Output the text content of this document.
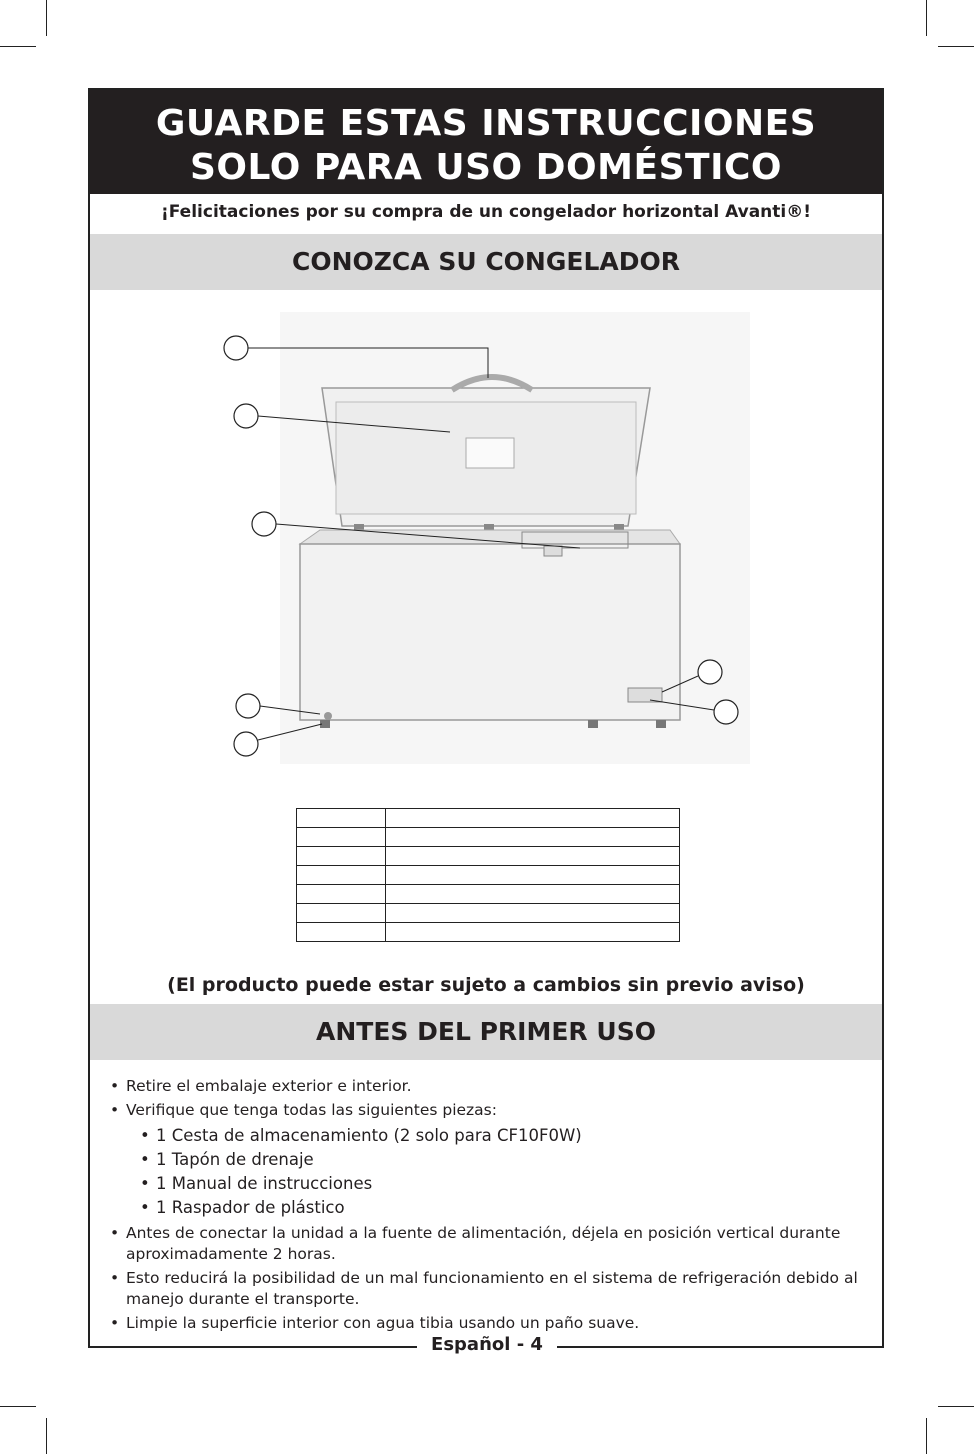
GUARDE ESTAS INSTRUCCIONES
SOLO PARA USO DOMÉSTICO
¡Felicitaciones por su compra de un congelador horizontal Avanti®!
CONOZCA SU CONGELADOR

(El producto puede estar sujeto a cambios sin previo aviso)
ANTES DEL PRIMER USO
• Retire el embalaje exterior e interior.
• Verifique que tenga todas las siguientes piezas:
• 1 Cesta de almacenamiento (2 solo para CF10F0W)
• 1 Tapón de drenaje
• 1 Manual de instrucciones
• 1 Raspador de plástico
• Antes de conectar la unidad a la fuente de alimentación, déjela en posición vertical durante aproximadamente 2 horas.
• Esto reducirá la posibilidad de un mal funcionamiento en el sistema de refrigeración debido al manejo durante el transporte.
• Limpie la superficie interior con agua tibia usando un paño suave.
Español - 4
